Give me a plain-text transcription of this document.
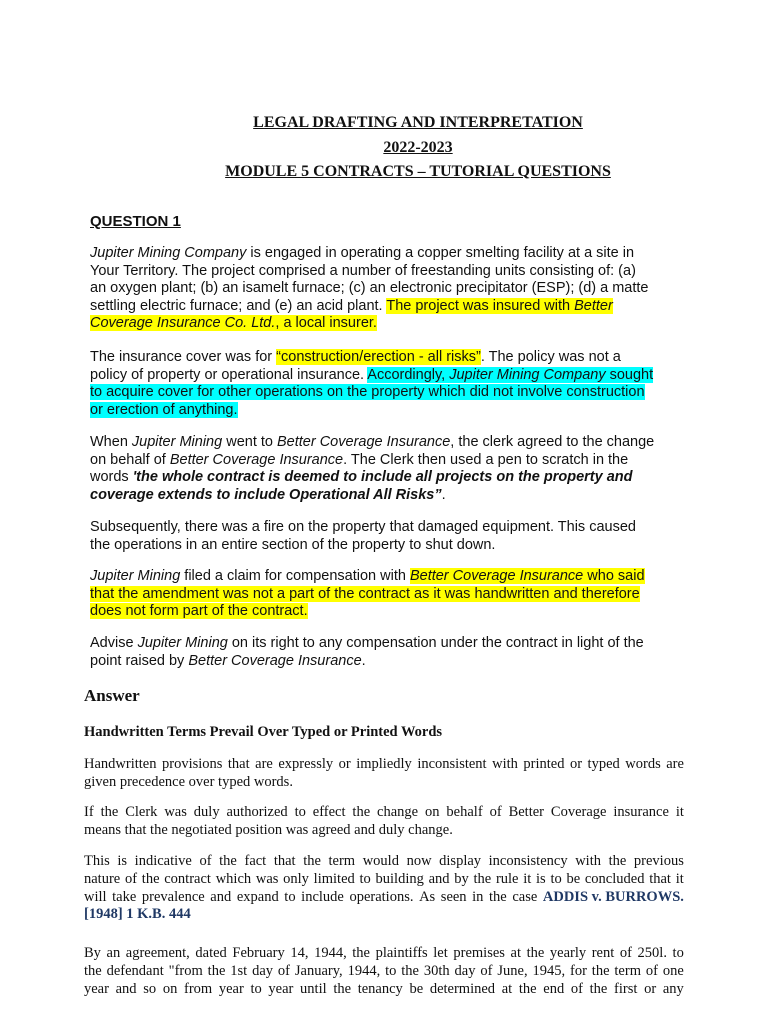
LEGAL DRAFTING AND INTERPRETATION
2022-2023
MODULE 5 CONTRACTS – TUTORIAL QUESTIONS
QUESTION 1
Jupiter Mining Company is engaged in operating a copper smelting facility at a site in
Your Territory. The project comprised a number of freestanding units consisting of: (a)
an oxygen plant; (b) an isamelt furnace; (c) an electronic precipitator (ESP); (d) a matte
settling electric furnace; and (e) an acid plant. The project was insured with Better
Coverage Insurance Co. Ltd., a local insurer.
The insurance cover was for “construction/erection - all risks”. The policy was not a
policy of property or operational insurance. Accordingly, Jupiter Mining Company sought
to acquire cover for other operations on the property which did not involve construction
or erection of anything.
When Jupiter Mining went to Better Coverage Insurance, the clerk agreed to the change
on behalf of Better Coverage Insurance. The Clerk then used a pen to scratch in the
words 'the whole contract is deemed to include all projects on the property and
coverage extends to include Operational All Risks”.
Subsequently, there was a fire on the property that damaged equipment. This caused
the operations in an entire section of the property to shut down.
Jupiter Mining filed a claim for compensation with Better Coverage Insurance who said
that the amendment was not a part of the contract as it was handwritten and therefore
does not form part of the contract.
Advise Jupiter Mining on its right to any compensation under the contract in light of the
point raised by Better Coverage Insurance.
Answer
Handwritten Terms Prevail Over Typed or Printed Words
Handwritten provisions that are expressly or impliedly inconsistent with printed or typed words are
given precedence over typed words.
If the Clerk was duly authorized to effect the change on behalf of Better Coverage insurance it
means that the negotiated position was agreed and duly change.
This is indicative of the fact that the term would now display inconsistency with the previous
nature of the contract which was only limited to building and by the rule it is to be concluded that it
will take prevalence and expand to include operations. As seen in the case ADDIS v. BURROWS.
[1948] 1 K.B. 444
By an agreement, dated February 14, 1944, the plaintiffs let premises at the yearly rent of 250l. to
the defendant "from the 1st day of January, 1944, to the 30th day of June, 1945, for the term of one
year and so on from year to year until the tenancy be determined at the end of the first or any
